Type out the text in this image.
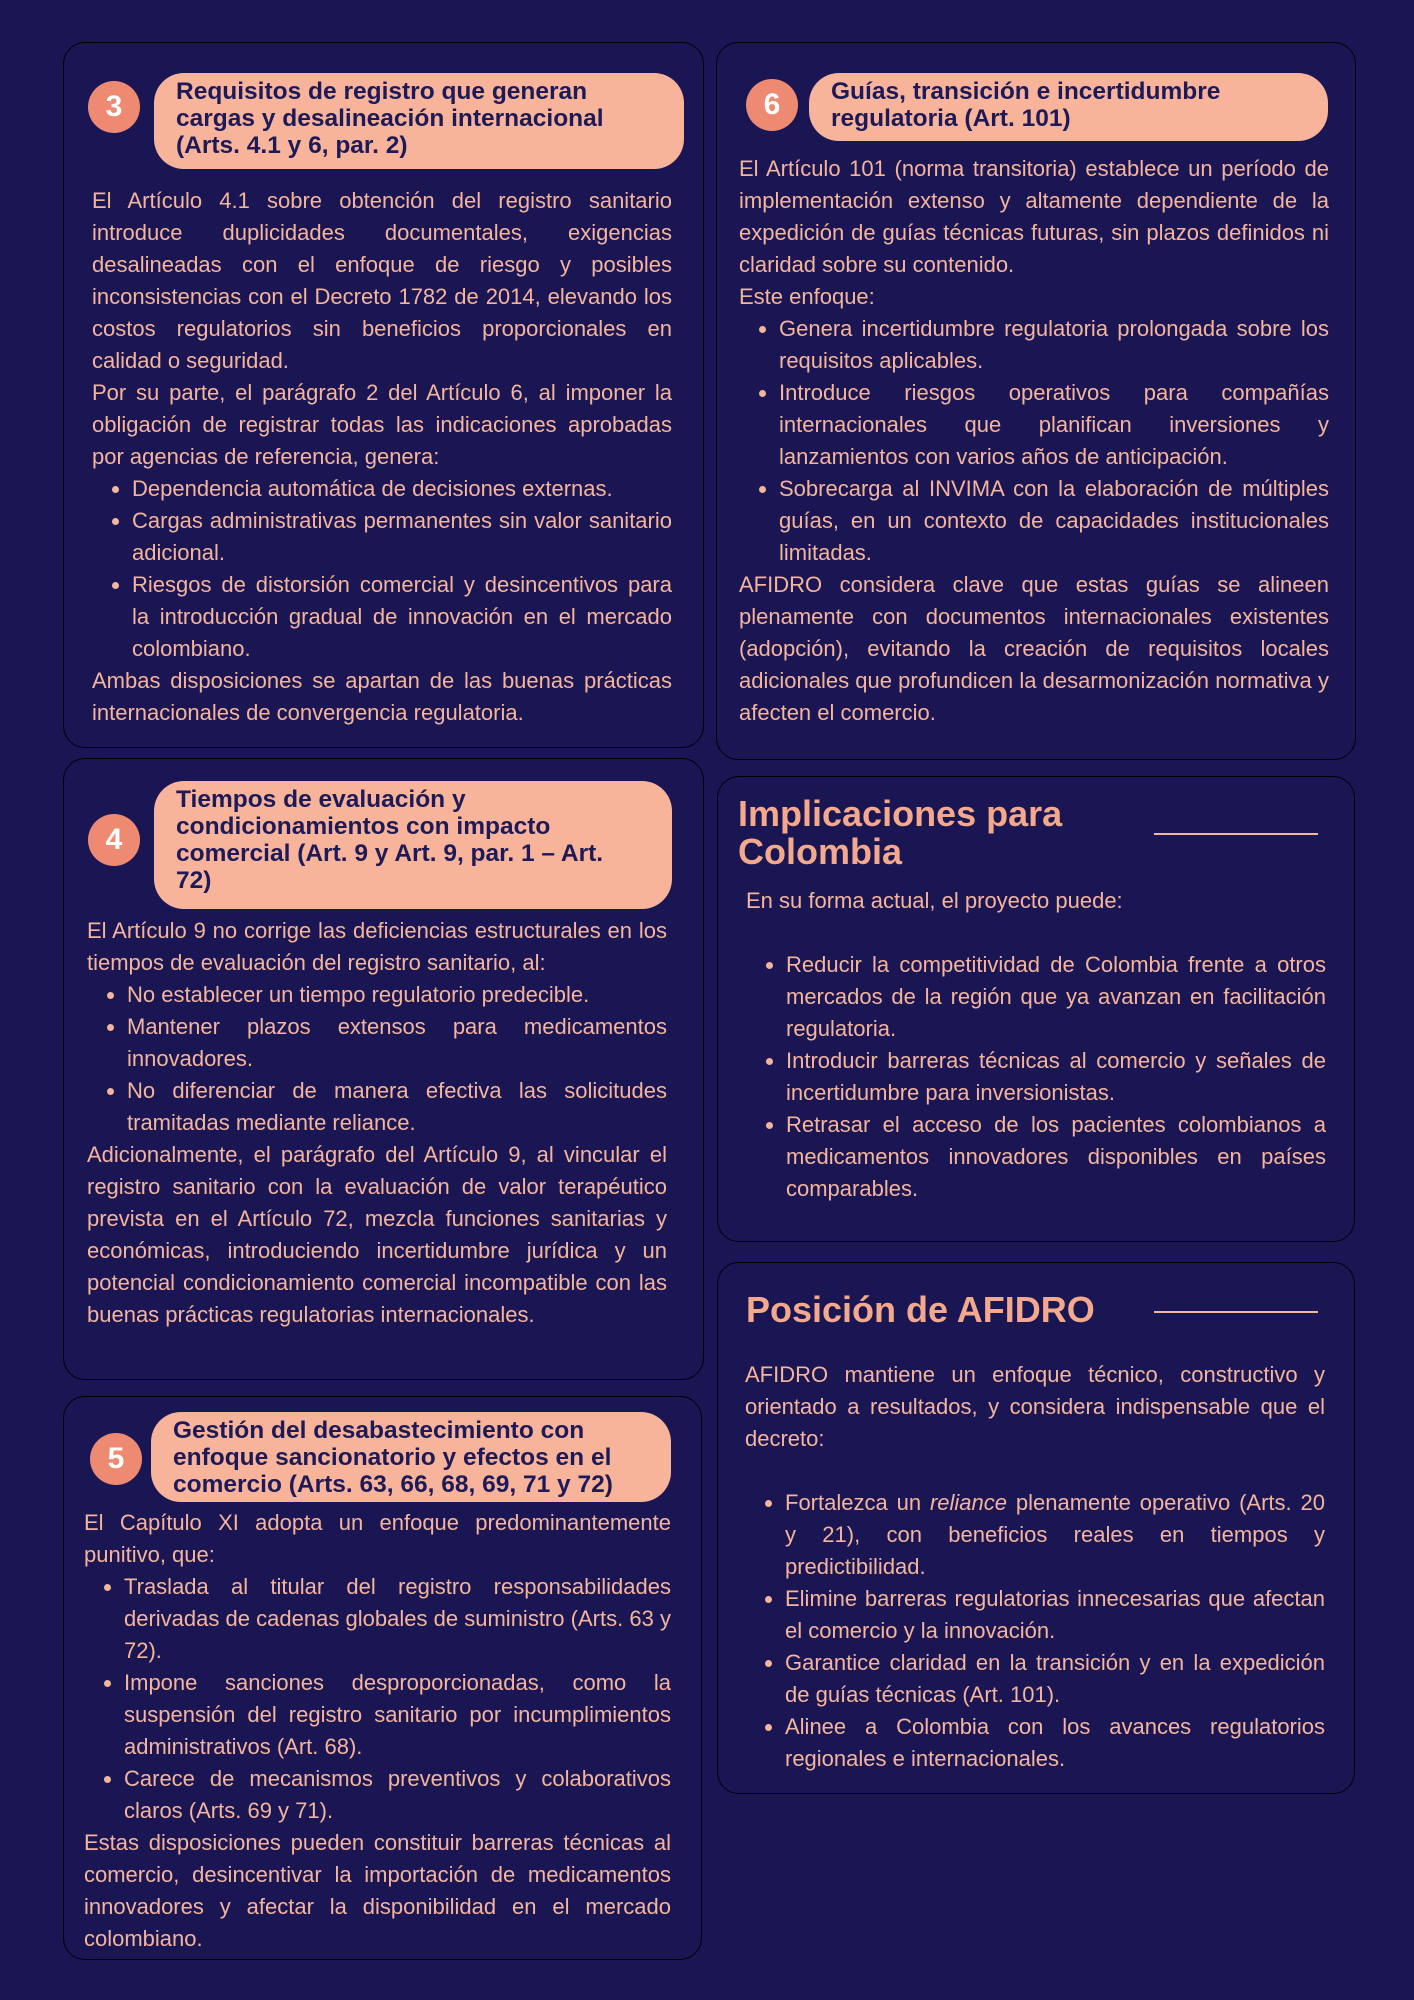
3	Requisitos de registro que generan
cargas y desalineación internacional
(Arts. 4.1 y 6, par. 2)

El Artículo 4.1 sobre obtención del registro sanitario introduce duplicidades documentales, exigencias desalineadas con el enfoque de riesgo y posibles inconsistencias con el Decreto 1782 de 2014, elevando los costos regulatorios sin beneficios proporcionales en calidad o seguridad.

Por su parte, el parágrafo 2 del Artículo 6, al imponer la obligación de registrar todas las indicaciones aprobadas por agencias de referencia, genera:

• Dependencia automática de decisiones externas.
• Cargas administrativas permanentes sin valor sanitario adicional.
• Riesgos de distorsión comercial y desincentivos para la introducción gradual de innovación en el mercado colombiano.

Ambas disposiciones se apartan de las buenas prácticas internacionales de convergencia regulatoria.

6	Guías, transición e incertidumbre
regulatoria (Art. 101)

El Artículo 101 (norma transitoria) establece un período de implementación extenso y altamente dependiente de la expedición de guías técnicas futuras, sin plazos definidos ni claridad sobre su contenido.

Este enfoque:

• Genera incertidumbre regulatoria prolongada sobre los requisitos aplicables.
• Introduce riesgos operativos para compañías internacionales que planifican inversiones y lanzamientos con varios años de anticipación.
• Sobrecarga al INVIMA con la elaboración de múltiples guías, en un contexto de capacidades institucionales limitadas.

AFIDRO considera clave que estas guías se alineen plenamente con documentos internacionales existentes (adopción), evitando la creación de requisitos locales adicionales que profundicen la desarmonización normativa y afecten el comercio.

4
Tiempos de evaluación y
condicionamientos con impacto
comercial (Art. 9 y Art. 9, par. 1 – Art.
72)

El Artículo 9 no corrige las deficiencias estructurales en los tiempos de evaluación del registro sanitario, al:

• No establecer un tiempo regulatorio predecible.
• Mantener plazos extensos para medicamentos innovadores.
• No diferenciar de manera efectiva las solicitudes tramitadas mediante reliance.

Adicionalmente, el parágrafo del Artículo 9, al vincular el registro sanitario con la evaluación de valor terapéutico prevista en el Artículo 72, mezcla funciones sanitarias y económicas, introduciendo incertidumbre jurídica y un potencial condicionamiento comercial incompatible con las buenas prácticas regulatorias internacionales.

5
Gestión del desabastecimiento con
enfoque sancionatorio y efectos en el
comercio (Arts. 63, 66, 68, 69, 71 y 72)

El Capítulo XI adopta un enfoque predominantemente punitivo, que:

• Traslada al titular del registro responsabilidades derivadas de cadenas globales de suministro (Arts. 63 y 72).
• Impone sanciones desproporcionadas, como la suspensión del registro sanitario por incumplimientos administrativos (Art. 68).
• Carece de mecanismos preventivos y colaborativos claros (Arts. 69 y 71).

Estas disposiciones pueden constituir barreras técnicas al comercio, desincentivar la importación de medicamentos innovadores y afectar la disponibilidad en el mercado colombiano.

Implicaciones para
Colombia

En su forma actual, el proyecto puede:

• Reducir la competitividad de Colombia frente a otros mercados de la región que ya avanzan en facilitación regulatoria.
• Introducir barreras técnicas al comercio y señales de incertidumbre para inversionistas.
• Retrasar el acceso de los pacientes colombianos a medicamentos innovadores disponibles en países comparables.
Posición de AFIDRO

AFIDRO mantiene un enfoque técnico, constructivo y orientado a resultados, y considera indispensable que el decreto:

• Fortalezca un reliance plenamente operativo (Arts. 20 y 21), con beneficios reales en tiempos y predictibilidad.
• Elimine barreras regulatorias innecesarias que afectan el comercio y la innovación.
• Garantice claridad en la transición y en la expedición de guías técnicas (Art. 101).
• Alinee a Colombia con los avances regulatorios regionales e internacionales.
